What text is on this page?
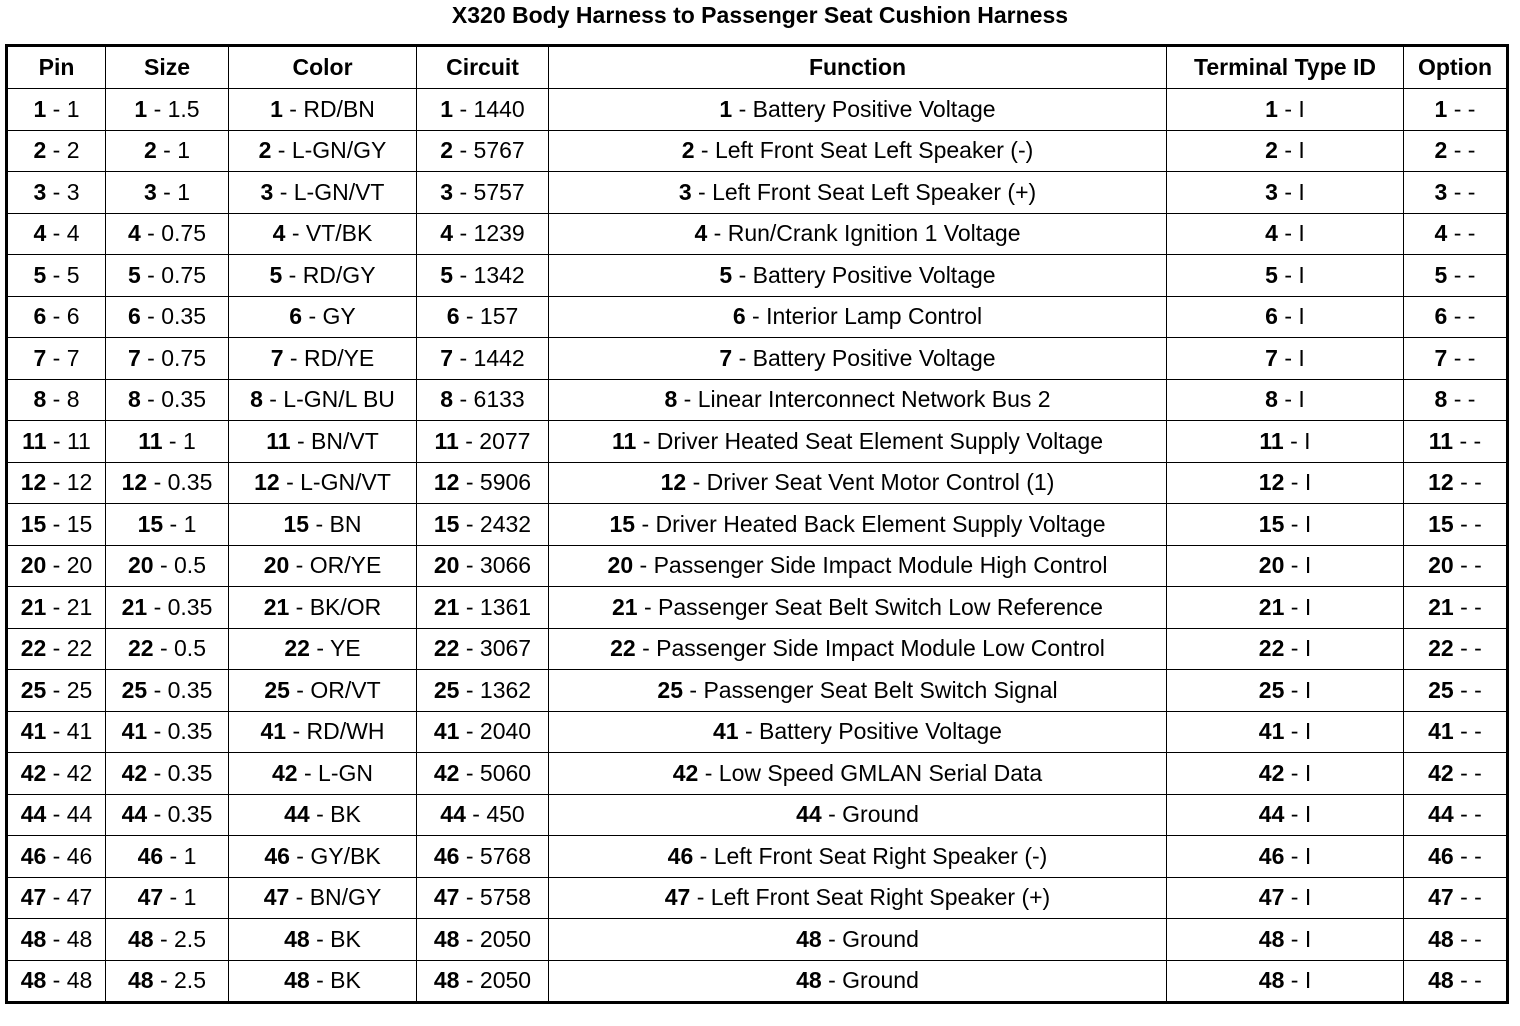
X320 Body Harness to Passenger Seat Cushion Harness
Pin	Size	Color	Circuit	Function	Terminal Type ID	Option
1 - 1	1 - 1.5	1 - RD/BN	1 - 1440	1 - Battery Positive Voltage	1 - I	1 - -
2 - 2	2 - 1	2 - L-GN/GY	2 - 5767	2 - Left Front Seat Left Speaker (-)	2 - I	2 - -
3 - 3	3 - 1	3 - L-GN/VT	3 - 5757	3 - Left Front Seat Left Speaker (+)	3 - I	3 - -
4 - 4	4 - 0.75	4 - VT/BK	4 - 1239	4 - Run/Crank Ignition 1 Voltage	4 - I	4 - -
5 - 5	5 - 0.75	5 - RD/GY	5 - 1342	5 - Battery Positive Voltage	5 - I	5 - -
6 - 6	6 - 0.35	6 - GY	6 - 157	6 - Interior Lamp Control	6 - I	6 - -
7 - 7	7 - 0.75	7 - RD/YE	7 - 1442	7 - Battery Positive Voltage	7 - I	7 - -
8 - 8	8 - 0.35	8 - L-GN/L BU	8 - 6133	8 - Linear Interconnect Network Bus 2	8 - I	8 - -
11 - 11	11 - 1	11 - BN/VT	11 - 2077	11 - Driver Heated Seat Element Supply Voltage	11 - I	11 - -
12 - 12	12 - 0.35	12 - L-GN/VT	12 - 5906	12 - Driver Seat Vent Motor Control (1)	12 - I	12 - -
15 - 15	15 - 1	15 - BN	15 - 2432	15 - Driver Heated Back Element Supply Voltage	15 - I	15 - -
20 - 20	20 - 0.5	20 - OR/YE	20 - 3066	20 - Passenger Side Impact Module High Control	20 - I	20 - -
21 - 21	21 - 0.35	21 - BK/OR	21 - 1361	21 - Passenger Seat Belt Switch Low Reference	21 - I	21 - -
22 - 22	22 - 0.5	22 - YE	22 - 3067	22 - Passenger Side Impact Module Low Control	22 - I	22 - -
25 - 25	25 - 0.35	25 - OR/VT	25 - 1362	25 - Passenger Seat Belt Switch Signal	25 - I	25 - -
41 - 41	41 - 0.35	41 - RD/WH	41 - 2040	41 - Battery Positive Voltage	41 - I	41 - -
42 - 42	42 - 0.35	42 - L-GN	42 - 5060	42 - Low Speed GMLAN Serial Data	42 - I	42 - -
44 - 44	44 - 0.35	44 - BK	44 - 450	44 - Ground	44 - I	44 - -
46 - 46	46 - 1	46 - GY/BK	46 - 5768	46 - Left Front Seat Right Speaker (-)	46 - I	46 - -
47 - 47	47 - 1	47 - BN/GY	47 - 5758	47 - Left Front Seat Right Speaker (+)	47 - I	47 - -
48 - 48	48 - 2.5	48 - BK	48 - 2050	48 - Ground	48 - I	48 - -
48 - 48	48 - 2.5	48 - BK	48 - 2050	48 - Ground	48 - I	48 - -
